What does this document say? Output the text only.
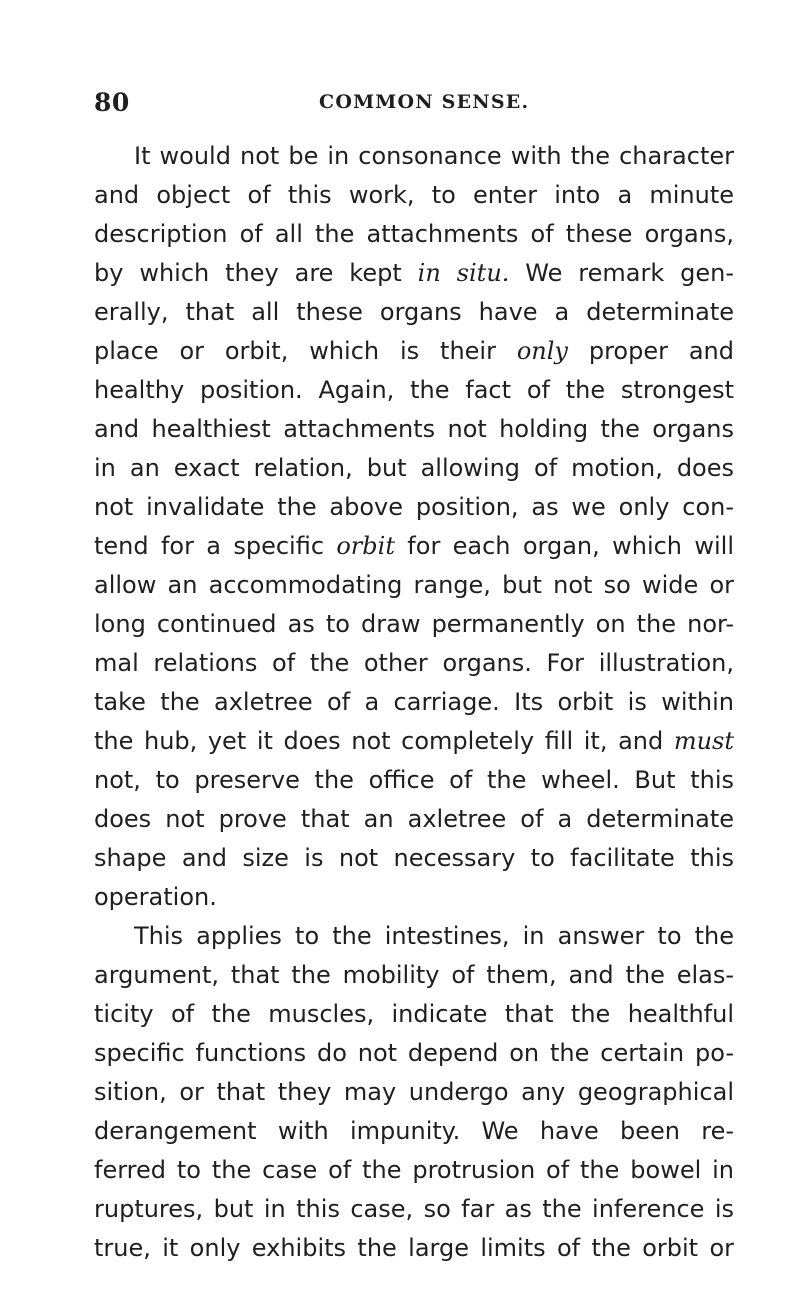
80	COMMON SENSE.
It would not be in consonance with the character
and object of this work, to enter into a minute
description of all the attachments of these organs,
by which they are kept in situ. We remark gen-
erally, that all these organs have a determinate
place or orbit, which is their only proper and
healthy position. Again, the fact of the strongest
and healthiest attachments not holding the organs
in an exact relation, but allowing of motion, does
not invalidate the above position, as we only con-
tend for a specific orbit for each organ, which will
allow an accommodating range, but not so wide or
long continued as to draw permanently on the nor-
mal relations of the other organs. For illustration,
take the axletree of a carriage. Its orbit is within
the hub, yet it does not completely fill it, and must
not, to preserve the office of the wheel. But this
does not prove that an axletree of a determinate
shape and size is not necessary to facilitate this
operation.
This applies to the intestines, in answer to the
argument, that the mobility of them, and the elas-
ticity of the muscles, indicate that the healthful
specific functions do not depend on the certain po-
sition, or that they may undergo any geographical
derangement with impunity. We have been re-
ferred to the case of the protrusion of the bowel in
ruptures, but in this case, so far as the inference is
true, it only exhibits the large limits of the orbit or
